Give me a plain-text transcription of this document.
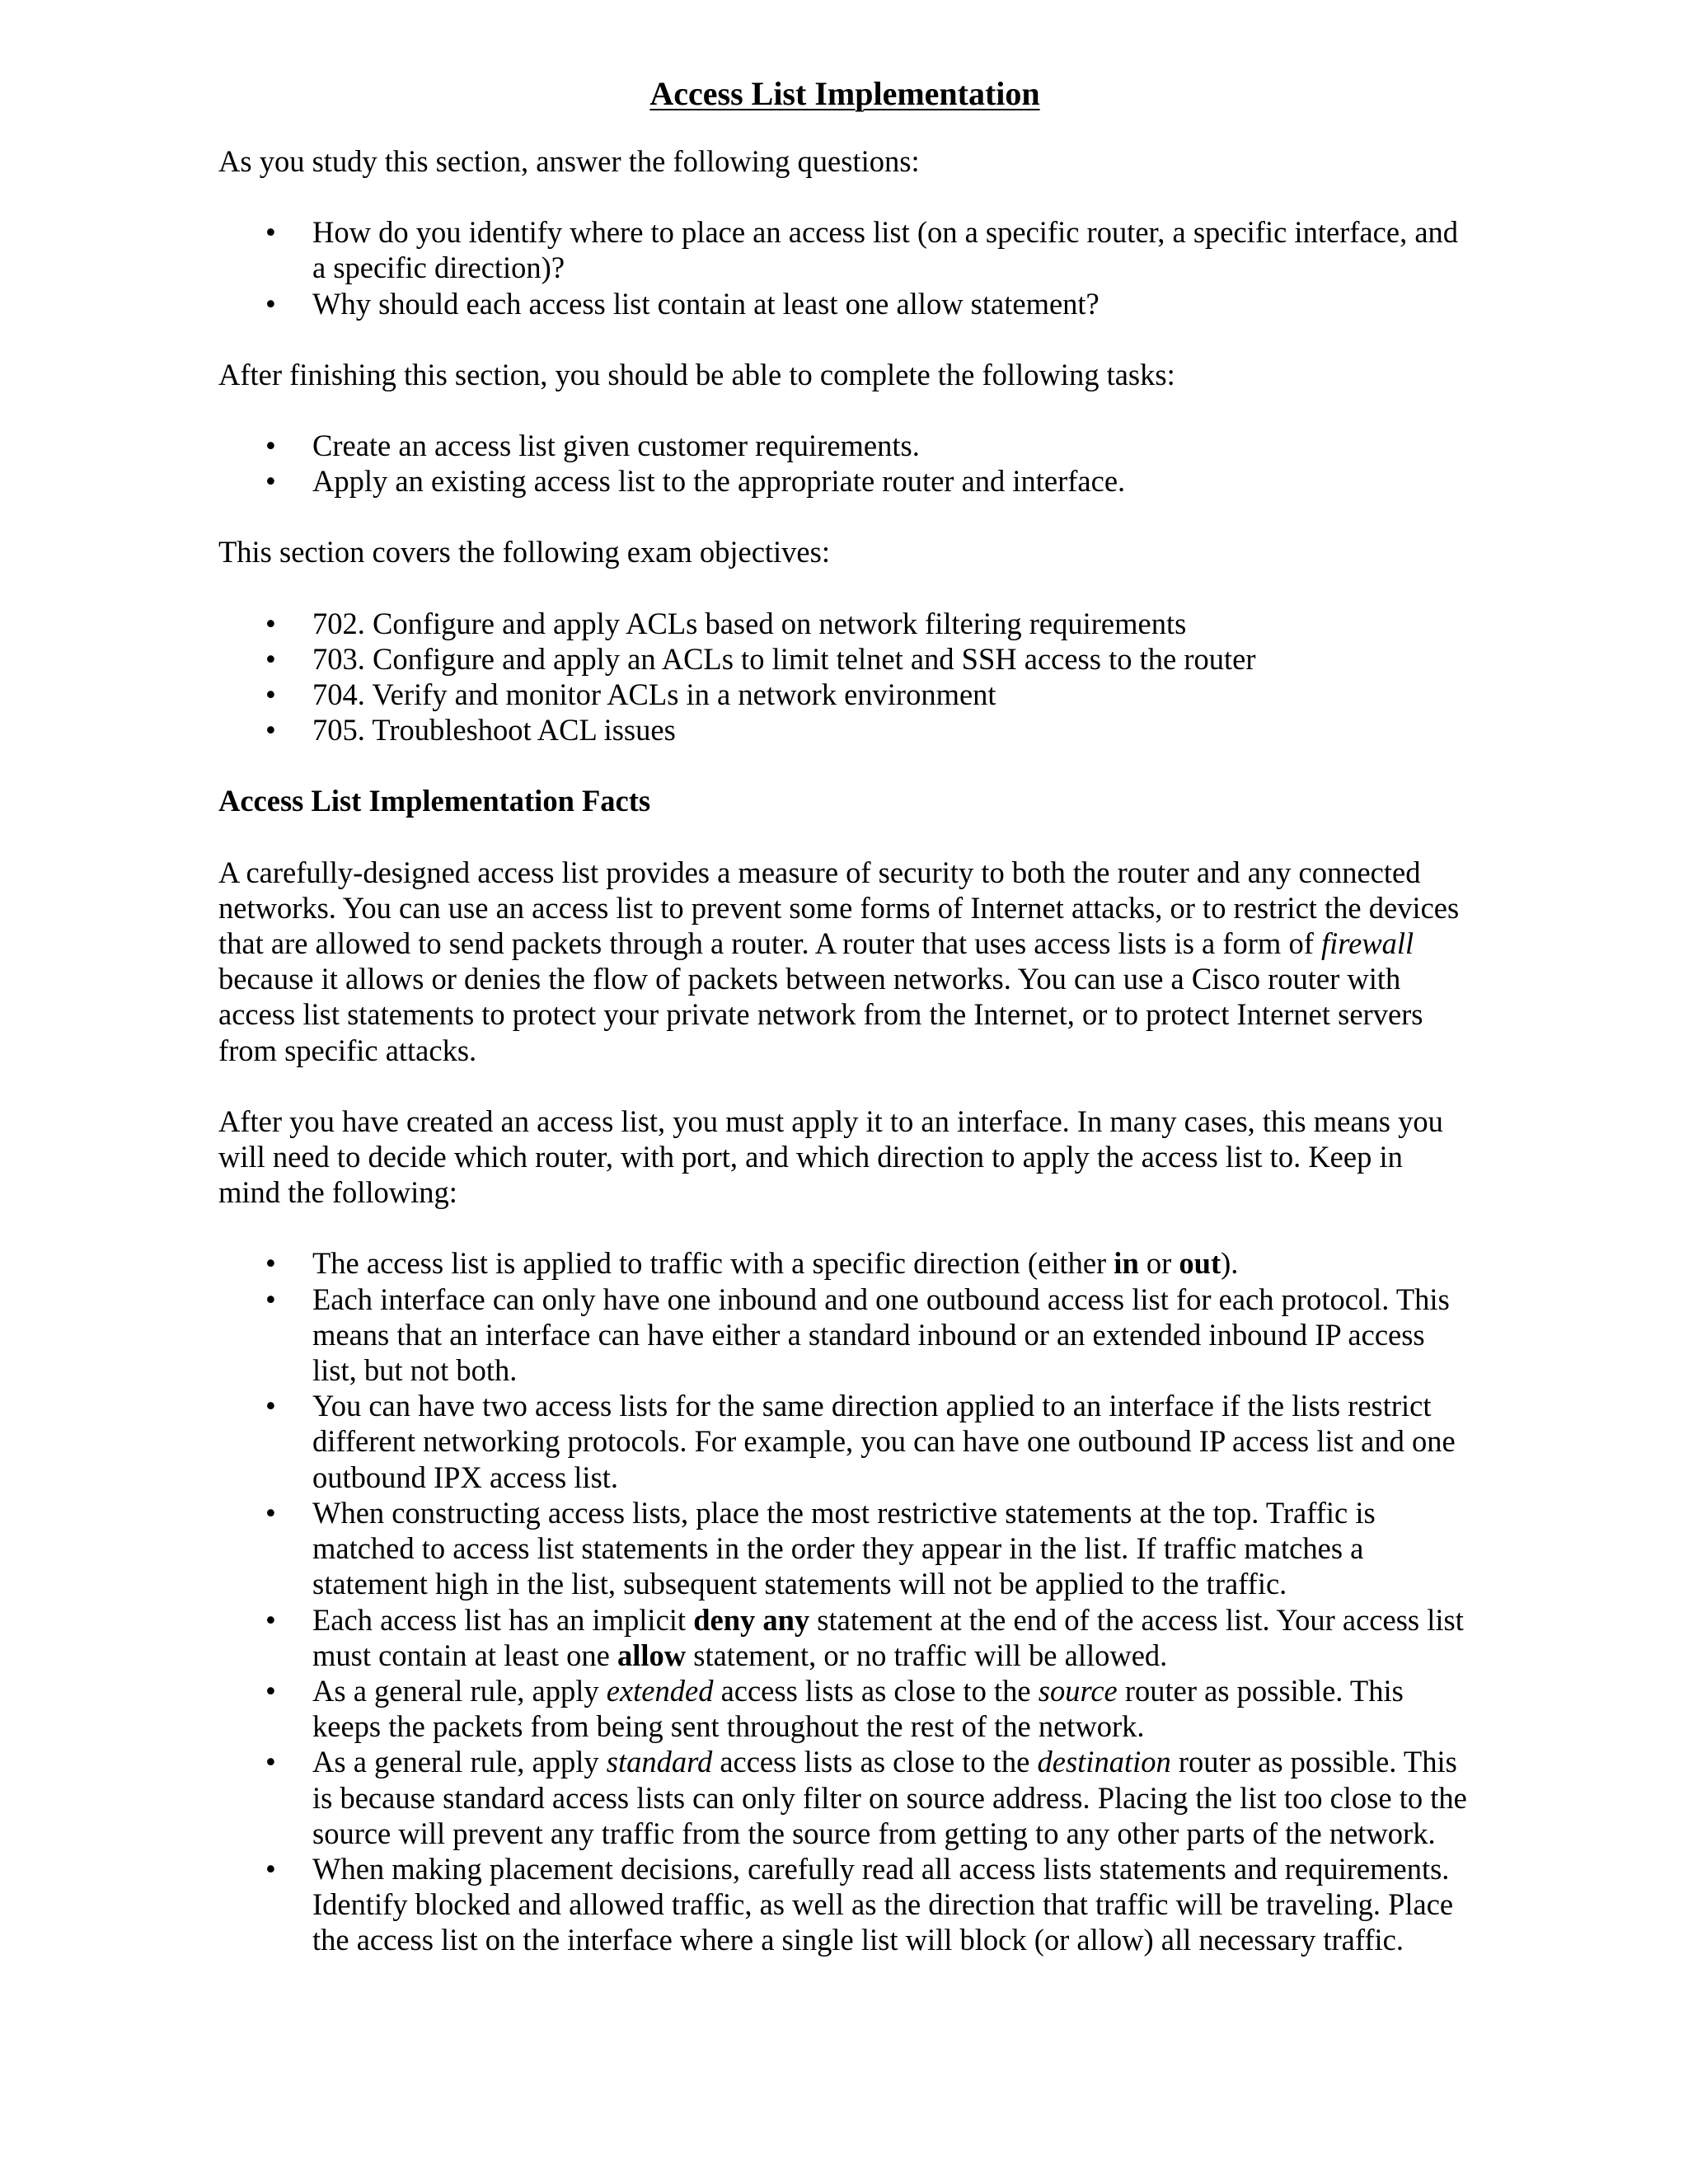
Access List Implementation

As you study this section, answer the following questions:

• How do you identify where to place an access list (on a specific router, a specific interface, and a specific direction)?
• Why should each access list contain at least one allow statement?

After finishing this section, you should be able to complete the following tasks:

• Create an access list given customer requirements.
• Apply an existing access list to the appropriate router and interface.

This section covers the following exam objectives:

• 702. Configure and apply ACLs based on network filtering requirements
• 703. Configure and apply an ACLs to limit telnet and SSH access to the router
• 704. Verify and monitor ACLs in a network environment
• 705. Troubleshoot ACL issues

Access List Implementation Facts

A carefully-designed access list provides a measure of security to both the router and any connected networks. You can use an access list to prevent some forms of Internet attacks, or to restrict the devices that are allowed to send packets through a router. A router that uses access lists is a form of firewall because it allows or denies the flow of packets between networks. You can use a Cisco router with access list statements to protect your private network from the Internet, or to protect Internet servers from specific attacks.

After you have created an access list, you must apply it to an interface. In many cases, this means you will need to decide which router, with port, and which direction to apply the access list to. Keep in mind the following:

• The access list is applied to traffic with a specific direction (either in or out).
• Each interface can only have one inbound and one outbound access list for each protocol. This means that an interface can have either a standard inbound or an extended inbound IP access list, but not both.
• You can have two access lists for the same direction applied to an interface if the lists restrict different networking protocols. For example, you can have one outbound IP access list and one outbound IPX access list.
• When constructing access lists, place the most restrictive statements at the top. Traffic is matched to access list statements in the order they appear in the list. If traffic matches a statement high in the list, subsequent statements will not be applied to the traffic.
• Each access list has an implicit deny any statement at the end of the access list. Your access list must contain at least one allow statement, or no traffic will be allowed.
• As a general rule, apply extended access lists as close to the source router as possible. This keeps the packets from being sent throughout the rest of the network.
• As a general rule, apply standard access lists as close to the destination router as possible. This is because standard access lists can only filter on source address. Placing the list too close to the source will prevent any traffic from the source from getting to any other parts of the network.
• When making placement decisions, carefully read all access lists statements and requirements. Identify blocked and allowed traffic, as well as the direction that traffic will be traveling. Place the access list on the interface where a single list will block (or allow) all necessary traffic.
